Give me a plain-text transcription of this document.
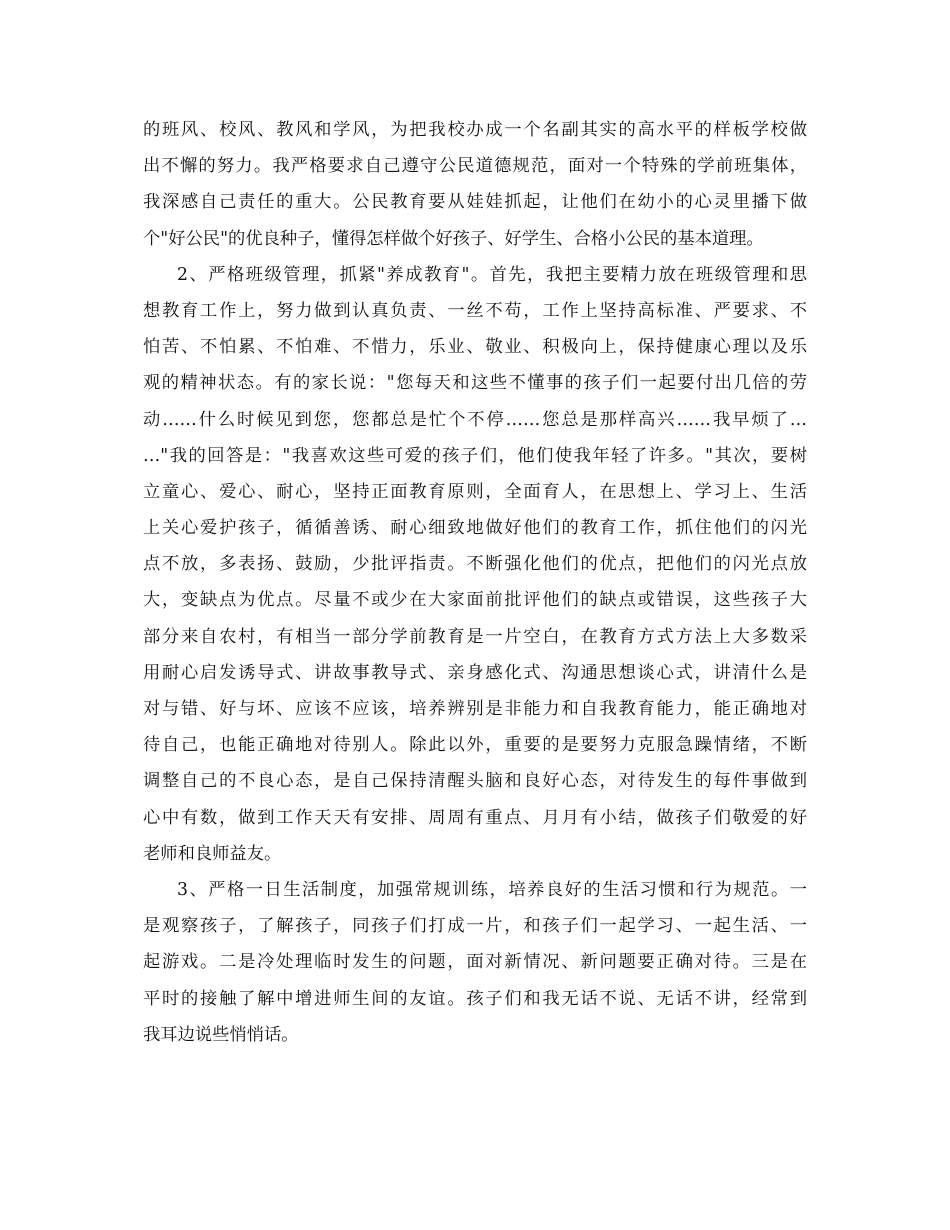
的班风、校风、教风和学风，为把我校办成一个名副其实的高水平的样板学校做
出不懈的努力。我严格要求自己遵守公民道德规范，面对一个特殊的学前班集体，
我深感自己责任的重大。公民教育要从娃娃抓起，让他们在幼小的心灵里播下做
个"好公民"的优良种子，懂得怎样做个好孩子、好学生、合格小公民的基本道理。
2、严格班级管理，抓紧"养成教育"。首先，我把主要精力放在班级管理和思
想教育工作上，努力做到认真负责、一丝不苟，工作上坚持高标准、严要求、不
怕苦、不怕累、不怕难、不惜力，乐业、敬业、积极向上，保持健康心理以及乐
观的精神状态。有的家长说："您每天和这些不懂事的孩子们一起要付出几倍的劳
动……什么时候见到您，您都总是忙个不停……您总是那样高兴……我早烦了…
…"我的回答是："我喜欢这些可爱的孩子们，他们使我年轻了许多。"其次，要树
立童心、爱心、耐心，坚持正面教育原则，全面育人，在思想上、学习上、生活
上关心爱护孩子，循循善诱、耐心细致地做好他们的教育工作，抓住他们的闪光
点不放，多表扬、鼓励，少批评指责。不断强化他们的优点，把他们的闪光点放
大，变缺点为优点。尽量不或少在大家面前批评他们的缺点或错误，这些孩子大
部分来自农村，有相当一部分学前教育是一片空白，在教育方式方法上大多数采
用耐心启发诱导式、讲故事教导式、亲身感化式、沟通思想谈心式，讲清什么是
对与错、好与坏、应该不应该，培养辨别是非能力和自我教育能力，能正确地对
待自己，也能正确地对待别人。除此以外，重要的是要努力克服急躁情绪，不断
调整自己的不良心态，是自己保持清醒头脑和良好心态，对待发生的每件事做到
心中有数，做到工作天天有安排、周周有重点、月月有小结，做孩子们敬爱的好
老师和良师益友。
3、严格一日生活制度，加强常规训练，培养良好的生活习惯和行为规范。一
是观察孩子，了解孩子，同孩子们打成一片，和孩子们一起学习、一起生活、一
起游戏。二是冷处理临时发生的问题，面对新情况、新问题要正确对待。三是在
平时的接触了解中增进师生间的友谊。孩子们和我无话不说、无话不讲，经常到
我耳边说些悄悄话。
